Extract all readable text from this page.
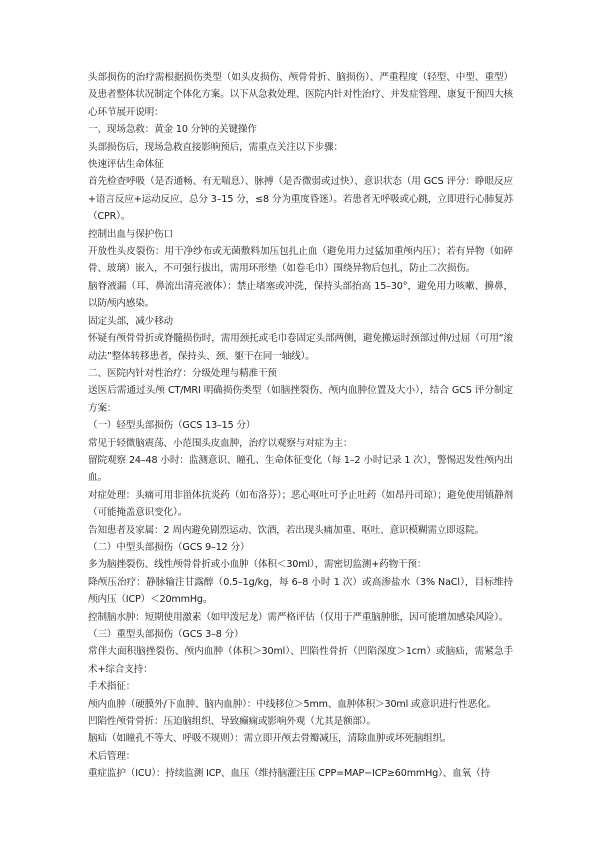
头部损伤的治疗需根据损伤类型（如头皮损伤、颅骨骨折、脑损伤）、严重程度（轻型、中型、重型）及患者整体状况制定个体化方案。以下从急救处理、医院内针对性治疗、并发症管理、康复干预四大核心环节展开说明：

一、现场急救：黄金 10 分钟的关键操作

头部损伤后，现场急救直接影响预后，需重点关注以下步骤：

快速评估生命体征

首先检查呼吸（是否通畅、有无喘息）、脉搏（是否微弱或过快）、意识状态（用 GCS 评分：睁眼反应+语言反应+运动反应，总分 3–15 分，≤8 分为重度昏迷）。若患者无呼吸或心跳，立即进行心肺复苏（CPR）。

控制出血与保护伤口

开放性头皮裂伤：用干净纱布或无菌敷料加压包扎止血（避免用力过猛加重颅内压）；若有异物（如碎骨、玻璃）嵌入，不可强行拔出，需用环形垫（如卷毛巾）围绕异物后包扎，防止二次损伤。

脑脊液漏（耳、鼻流出清亮液体）：禁止堵塞或冲洗，保持头部抬高 15–30°，避免用力咳嗽、擤鼻，以防颅内感染。

固定头部，减少移动

怀疑有颅骨骨折或脊髓损伤时，需用颈托或毛巾卷固定头部两侧，避免搬运时颈部过伸/过屈（可用“滚动法”整体转移患者，保持头、颈、躯干在同一轴线）。

二、医院内针对性治疗：分级处理与精准干预

送医后需通过头颅 CT/MRI 明确损伤类型（如脑挫裂伤、颅内血肿位置及大小），结合 GCS 评分制定方案：

（一）轻型头部损伤（GCS 13–15 分）

常见于轻微脑震荡、小范围头皮血肿，治疗以观察与对症为主：

留院观察 24–48 小时：监测意识、瞳孔、生命体征变化（每 1–2 小时记录 1 次），警惕迟发性颅内出血。

对症处理：头痛可用非甾体抗炎药（如布洛芬）；恶心呕吐可予止吐药（如昂丹司琼）；避免使用镇静剂（可能掩盖意识变化）。

告知患者及家属：2 周内避免剧烈运动、饮酒，若出现头痛加重、呕吐、意识模糊需立即返院。

（二）中型头部损伤（GCS 9–12 分）

多为脑挫裂伤、线性颅骨骨折或小血肿（体积＜30ml），需密切监测+药物干预：

降颅压治疗：静脉输注甘露醇（0.5–1g/kg，每 6–8 小时 1 次）或高渗盐水（3% NaCl），目标维持颅内压（ICP）＜20mmHg。

控制脑水肿：短期使用激素（如甲泼尼龙）需严格评估（仅用于严重脑肿胀，因可能增加感染风险）。

（三）重型头部损伤（GCS 3–8 分）

常伴大面积脑挫裂伤、颅内血肿（体积＞30ml）、凹陷性骨折（凹陷深度＞1cm）或脑疝，需紧急手术+综合支持：

手术指征：

颅内血肿（硬膜外/下血肿、脑内血肿）：中线移位＞5mm、血肿体积＞30ml 或意识进行性恶化。

凹陷性颅骨骨折：压迫脑组织、导致癫痫或影响外观（尤其是额部）。

脑疝（如瞳孔不等大、呼吸不规则）：需立即开颅去骨瓣减压，清除血肿或坏死脑组织。

术后管理：

重症监护（ICU）：持续监测 ICP、血压（维持脑灌注压 CPP=MAP−ICP≥60mmHg）、血氧（持
